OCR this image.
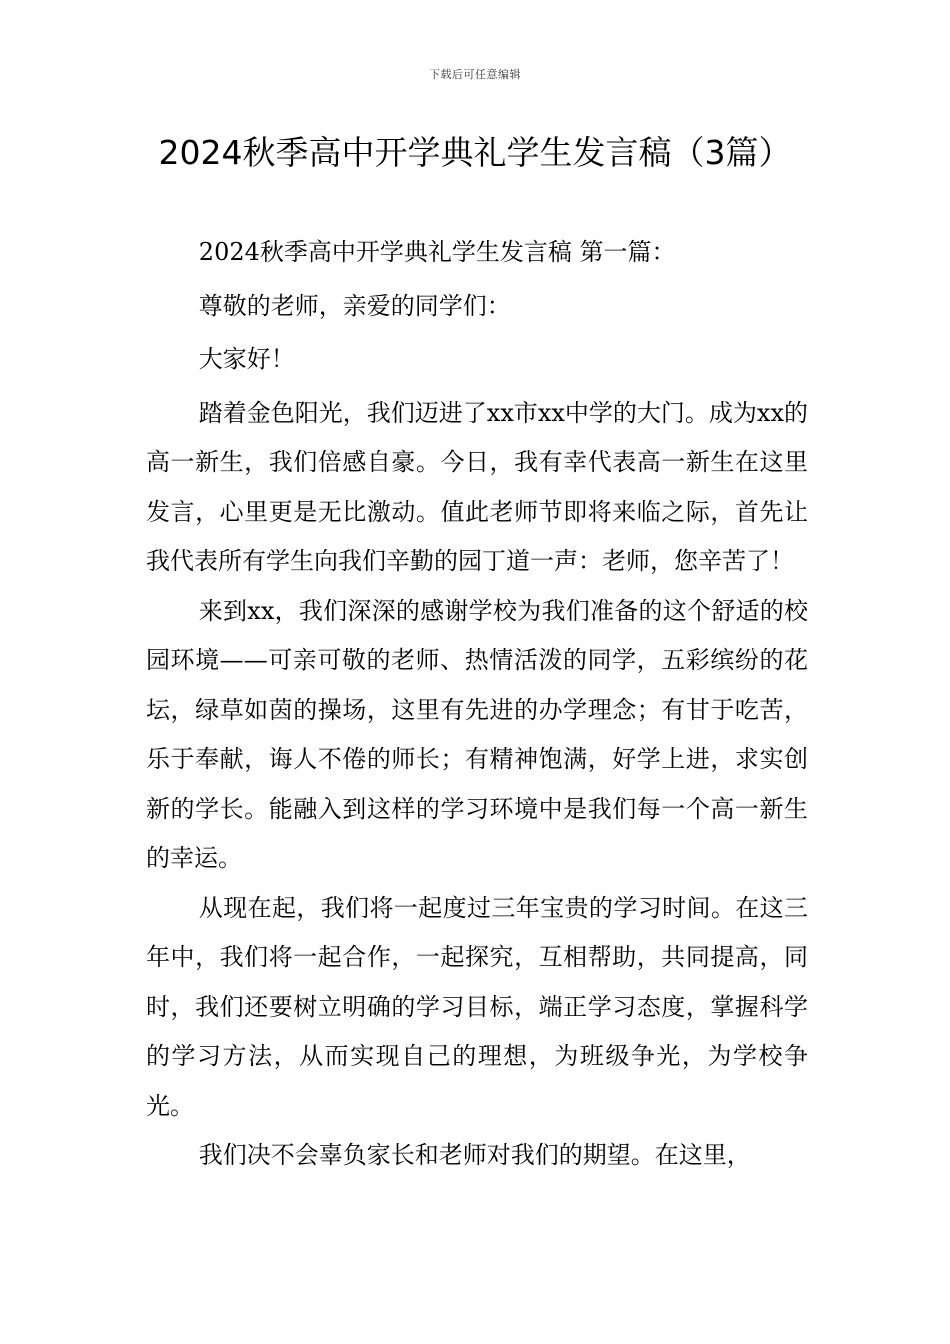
下载后可任意编辑
2024秋季高中开学典礼学生发言稿（3篇）

2024秋季高中开学典礼学生发言稿 第一篇：

尊敬的老师，亲爱的同学们：

大家好！

踏着金色阳光，我们迈进了xx市xx中学的大门。成为xx的高一新生，我们倍感自豪。今日，我有幸代表高一新生在这里发言，心里更是无比激动。值此老师节即将来临之际，首先让我代表所有学生向我们辛勤的园丁道一声：老师，您辛苦了！

来到xx，我们深深的感谢学校为我们准备的这个舒适的校园环境——可亲可敬的老师、热情活泼的同学，五彩缤纷的花坛，绿草如茵的操场，这里有先进的办学理念；有甘于吃苦，乐于奉献，诲人不倦的师长；有精神饱满，好学上进，求实创新的学长。能融入到这样的学习环境中是我们每一个高一新生的幸运。

从现在起，我们将一起度过三年宝贵的学习时间。在这三年中，我们将一起合作，一起探究，互相帮助，共同提高，同时，我们还要树立明确的学习目标，端正学习态度，掌握科学的学习方法，从而实现自己的理想，为班级争光，为学校争光。

我们决不会辜负家长和老师对我们的期望。在这里，
